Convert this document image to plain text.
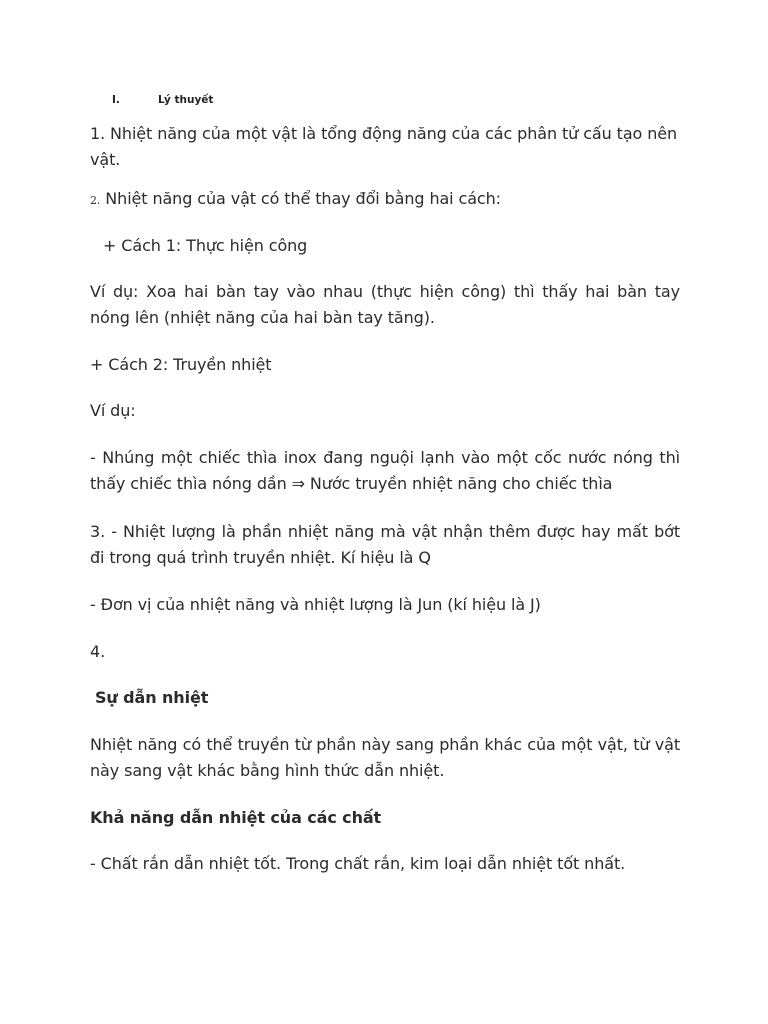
I.	Lý thuyết

1. Nhiệt năng của một vật là tổng động năng của các phân tử cấu tạo nên vật.

2. Nhiệt năng của vật có thể thay đổi bằng hai cách:

+ Cách 1: Thực hiện công

Ví dụ: Xoa hai bàn tay vào nhau (thực hiện công) thì thấy hai bàn tay nóng lên (nhiệt năng của hai bàn tay tăng).

+ Cách 2: Truyền nhiệt

Ví dụ:

- Nhúng một chiếc thìa inox đang nguội lạnh vào một cốc nước nóng thì thấy chiếc thìa nóng dần ⇒ Nước truyền nhiệt năng cho chiếc thìa

3. - Nhiệt lượng là phần nhiệt năng mà vật nhận thêm được hay mất bớt đi trong quá trình truyền nhiệt. Kí hiệu là Q

- Đơn vị của nhiệt năng và nhiệt lượng là Jun (kí hiệu là J)

4.

Sự dẫn nhiệt

Nhiệt năng có thể truyền từ phần này sang phần khác của một vật, từ vật này sang vật khác bằng hình thức dẫn nhiệt.

Khả năng dẫn nhiệt của các chất

- Chất rắn dẫn nhiệt tốt. Trong chất rắn, kim loại dẫn nhiệt tốt nhất.
